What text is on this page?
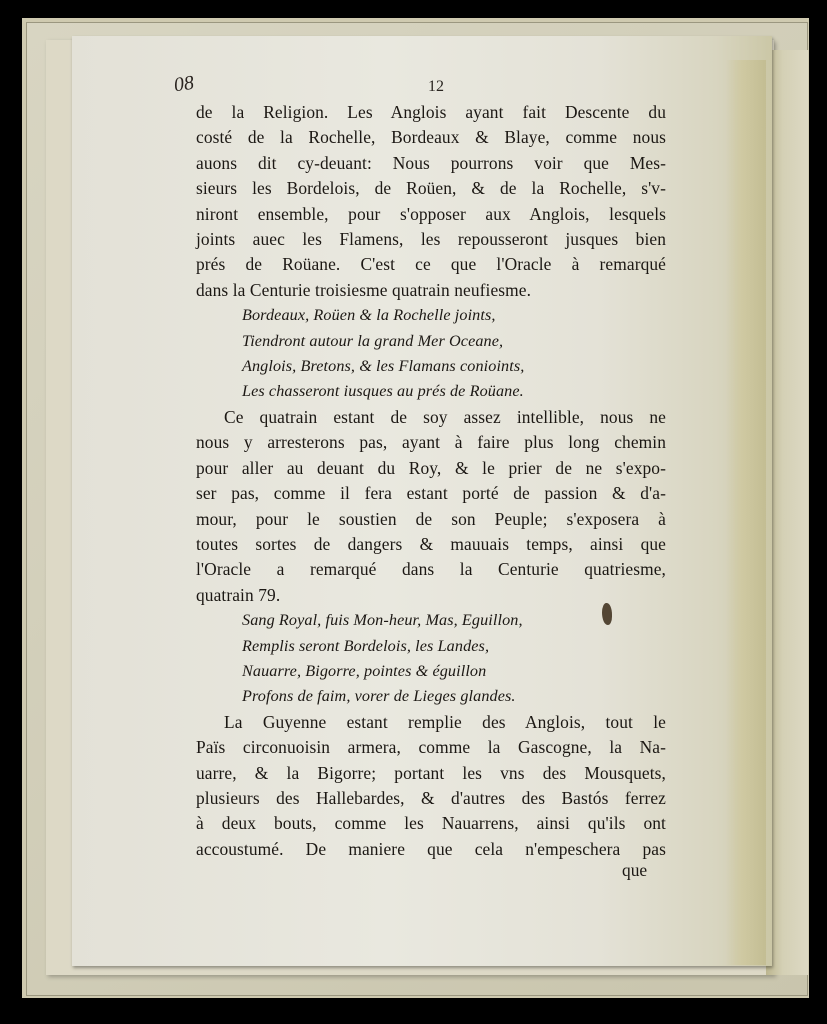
08	12
de la Religion. Les Anglois ayant fait Descente du
costé de la Rochelle, Bordeaux & Blaye, comme nous
auons dit cy-deuant: Nous pourrons voir que Mes-
sieurs les Bordelois, de Roüen, & de la Rochelle, s'v-
niront ensemble, pour s'opposer aux Anglois, lesquels
joints auec les Flamens, les repousseront jusques bien
prés de Roüane. C'est ce que l'Oracle à remarqué
dans la Centurie troisiesme quatrain neufiesme.
Bordeaux, Roüen & la Rochelle joints,
Tiendront autour la grand Mer Oceane,
Anglois, Bretons, & les Flamans conioints,
Les chasseront iusques au prés de Roüane.
Ce quatrain estant de soy assez intellible, nous ne
nous y arresterons pas, ayant à faire plus long chemin
pour aller au deuant du Roy, & le prier de ne s'expo-
ser pas, comme il fera estant porté de passion & d'a-
mour, pour le soustien de son Peuple; s'exposera à
toutes sortes de dangers & mauuais temps, ainsi que
l'Oracle a remarqué dans la Centurie quatriesme,
quatrain 79.
Sang Royal, fuis Mon-heur, Mas, Eguillon,
Remplis seront Bordelois, les Landes,
Nauarre, Bigorre, pointes & éguillon
Profons de faim, vorer de Lieges glandes.
La Guyenne estant remplie des Anglois, tout le
Païs circonuoisin armera, comme la Gascogne, la Na-
uarre, & la Bigorre; portant les vns des Mousquets,
plusieurs des Hallebardes, & d'autres des Bastós ferrez
à deux bouts, comme les Nauarrens, ainsi qu'ils ont
accoustumé. De maniere que cela n'empeschera pas
que
